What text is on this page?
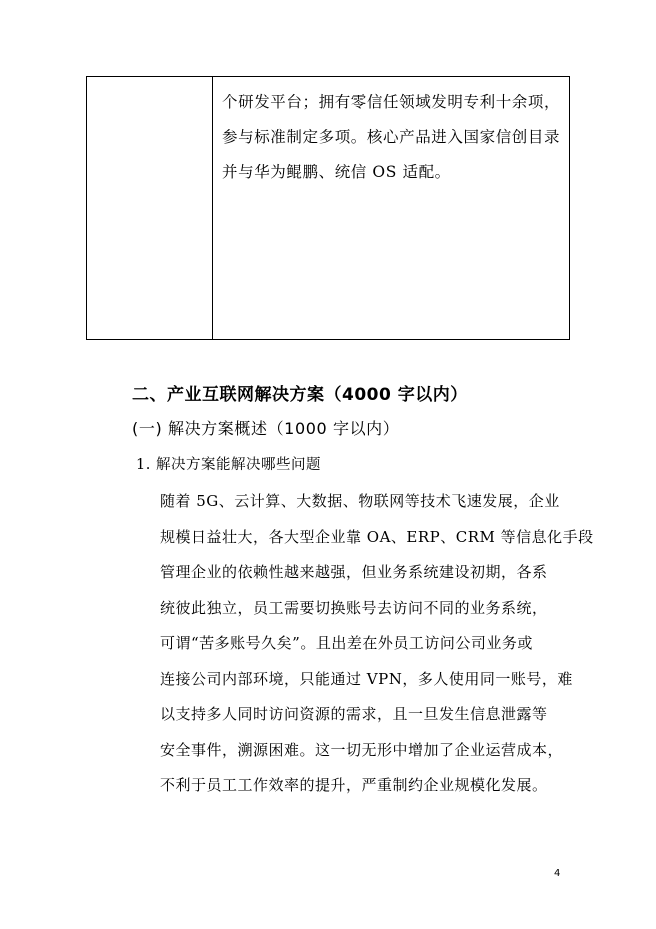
个研发平台；拥有零信任领域发明专利十余项，
参与标准制定多项。核心产品进入国家信创目录
并与华为鲲鹏、统信 OS 适配。
二、产业互联网解决方案（4000 字以内）
(一) 解决方案概述（1000 字以内）
1. 解决方案能解决哪些问题
随着 5G、云计算、大数据、物联网等技术飞速发展，企业
规模日益壮大，各大型企业靠 OA、ERP、CRM 等信息化手段
管理企业的依赖性越来越强，但业务系统建设初期，各系
统彼此独立，员工需要切换账号去访问不同的业务系统，
可谓“苦多账号久矣”。且出差在外员工访问公司业务或
连接公司内部环境，只能通过 VPN，多人使用同一账号，难
以支持多人同时访问资源的需求，且一旦发生信息泄露等
安全事件，溯源困难。这一切无形中增加了企业运营成本，
不利于员工工作效率的提升，严重制约企业规模化发展。
4
